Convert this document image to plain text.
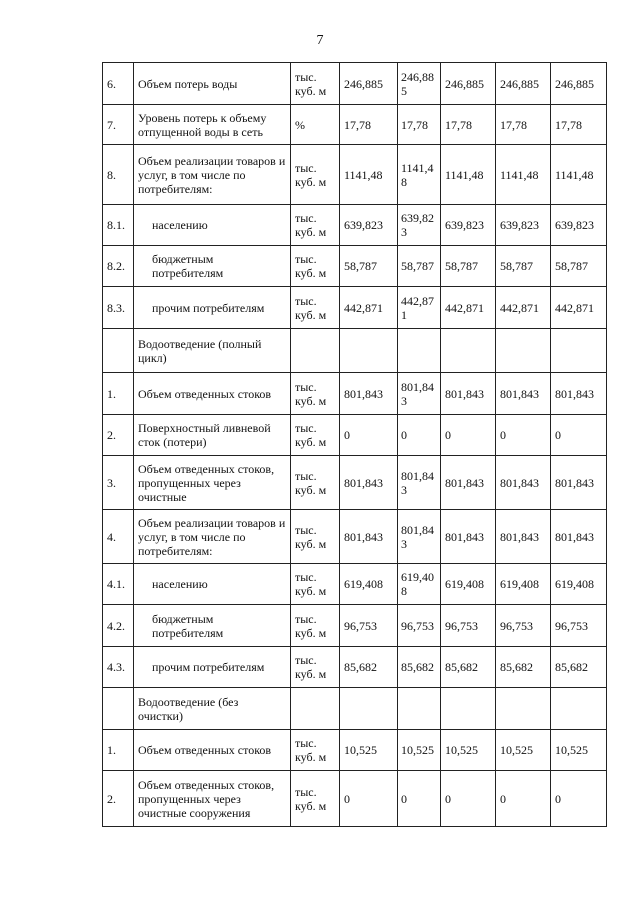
7
6.	Объем потерь воды	тыс. куб. м	246,885	246,885	246,885	246,885	246,885
7.	Уровень потерь к объему отпущенной воды в сеть	%	17,78	17,78	17,78	17,78	17,78
8.	Объем реализации товаров и услуг, в том числе по потребителям:	тыс. куб. м	1141,48	1141,48	1141,48	1141,48	1141,48
8.1.	населению	тыс. куб. м	639,823	639,823	639,823	639,823	639,823
8.2.	бюджетным потребителям	тыс. куб. м	58,787	58,787	58,787	58,787	58,787
8.3.	прочим потребителям	тыс. куб. м	442,871	442,871	442,871	442,871	442,871
	Водоотведение (полный цикл)						
1.	Объем отведенных стоков	тыс. куб. м	801,843	801,843	801,843	801,843	801,843
2.	Поверхностный ливневой сток (потери)	тыс. куб. м	0	0	0	0	0
3.	Объем отведенных стоков, пропущенных через очистные	тыс. куб. м	801,843	801,843	801,843	801,843	801,843
4.	Объем реализации товаров и услуг, в том числе по потребителям:	тыс. куб. м	801,843	801,843	801,843	801,843	801,843
4.1.	населению	тыс. куб. м	619,408	619,408	619,408	619,408	619,408
4.2.	бюджетным потребителям	тыс. куб. м	96,753	96,753	96,753	96,753	96,753
4.3.	прочим потребителям	тыс. куб. м	85,682	85,682	85,682	85,682	85,682
	Водоотведение (без очистки)						
1.	Объем отведенных стоков	тыс. куб. м	10,525	10,525	10,525	10,525	10,525
2.	Объем отведенных стоков, пропущенных через очистные сооружения	тыс. куб. м	0	0	0	0	0
